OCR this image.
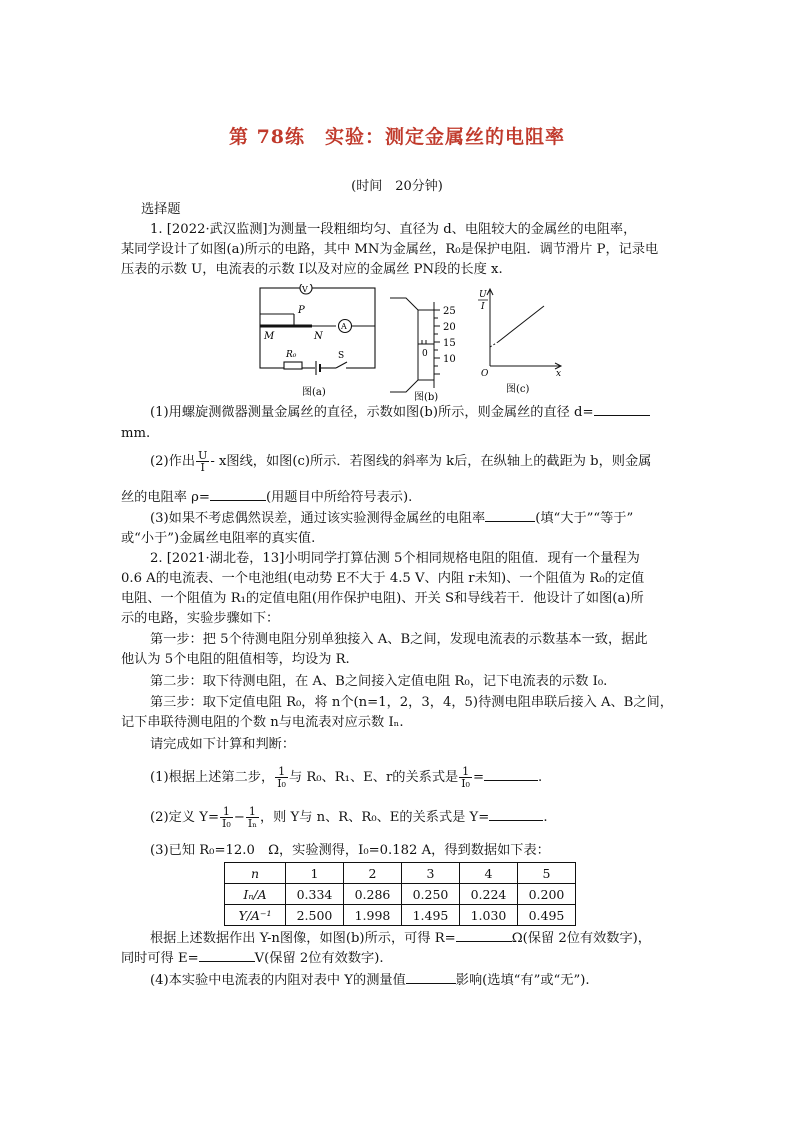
第 78练　实验：测定金属丝的电阻率
(时间　20分钟)
选择题
1. [2022·武汉监测]为测量一段粗细均匀、直径为 d、电阻较大的金属丝的电阻率，
某同学设计了如图(a)所示的电路，其中 MN为金属丝，R₀是保护电阻．调节滑片 P，记录电
压表的示数 U，电流表的示数 I以及对应的金属丝 PN段的长度 x.
V
A
P
M	N
R₀	S
图(a)
25
20
15
0 10
图(b)
U
I
O	x
图(c)
(1)用螺旋测微器测量金属丝的直径，示数如图(b)所示，则金属丝的直径 d=
mm.
(2)作出 $\frac{U}{I}$ - x图线，如图(c)所示．若图线的斜率为 k后，在纵轴上的截距为 b，则金属
丝的电阻率 ρ=	(用题目中所给符号表示).
(3)如果不考虑偶然误差，通过该实验测得金属丝的电阻率	(填“大于”“等于”
或“小于”)金属丝电阻率的真实值.
2. [2021·湖北卷，13]小明同学打算估测 5个相同规格电阻的阻值．现有一个量程为
0.6 A的电流表、一个电池组(电动势 E不大于 4.5 V、内阻 r未知)、一个阻值为 R₀的定值
电阻、一个阻值为 R₁的定值电阻(用作保护电阻)、开关 S和导线若干．他设计了如图(a)所
示的电路，实验步骤如下：
第一步：把 5个待测电阻分别单独接入 A、B之间，发现电流表的示数基本一致，据此
他认为 5个电阻的阻值相等，均设为 R.
第二步：取下待测电阻，在 A、B之间接入定值电阻 R₀，记下电流表的示数 I₀.
第三步：取下定值电阻 R₀，将 n个(n=1，2，3，4，5)待测电阻串联后接入 A、B之间，
记下串联待测电阻的个数 n与电流表对应示数 Iₙ.
请完成如下计算和判断：
(1)根据上述第二步， $\frac{1}{\text{I₀}}$ 与 R₀、R₁、E、r的关系式是 $\frac{1}{\text{I₀}}$ =	.
(2)定义 $Y= \frac{1}{\text{I₀}} - \frac{1}{\text{Iₙ}}$ ，则 Y与 n、R、R₀、E的关系式是 Y=	.
(3)已知 R₀=12.0　Ω，实验测得，I₀=0.182 A，得到数据如下表：
n	1	2	3	4	5
Iₙ/A	0.334	0.286	0.250	0.224	0.200
Y/A⁻¹	2.500	1.998	1.495	1.030	0.495
根据上述数据作出 Y-n图像，如图(b)所示，可得 R=	Ω(保留 2位有效数字)，
同时可得 E=	V(保留 2位有效数字).
(4)本实验中电流表的内阻对表中 Y的测量值	影响(选填“有”或“无”).
